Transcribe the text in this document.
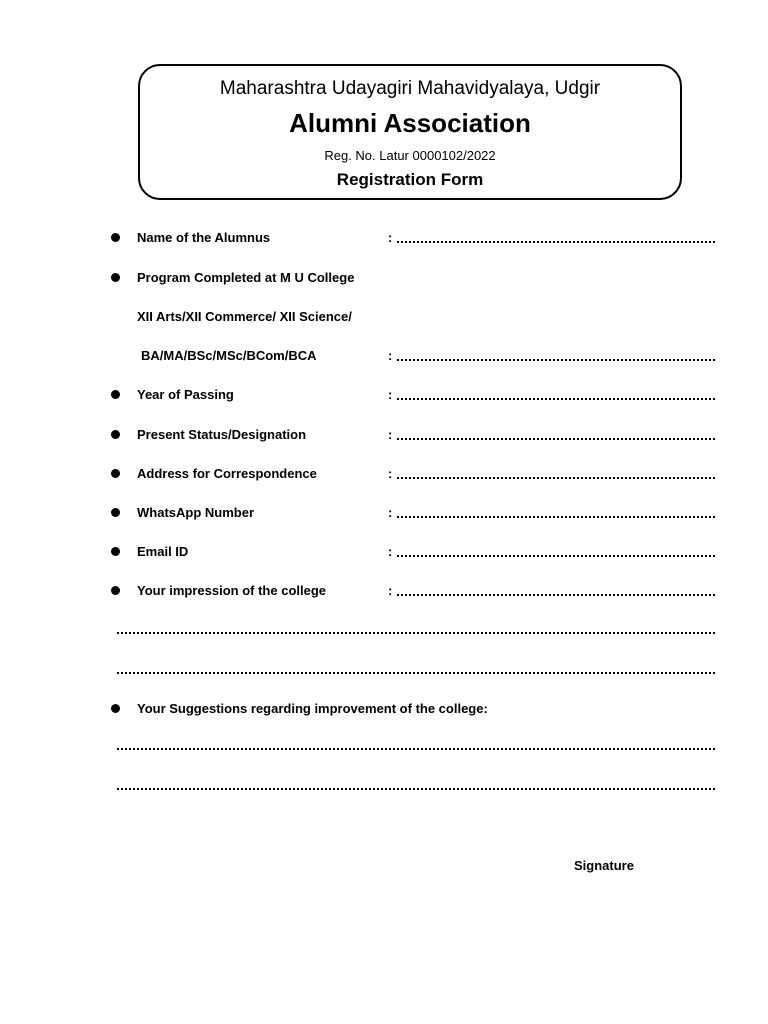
Maharashtra Udayagiri Mahavidyalaya, Udgir
Alumni Association
Reg. No. Latur 0000102/2022
Registration Form
Name of the Alumnus	:
Program Completed at M U College
XII Arts/XII Commerce/ XII Science/
BA/MA/BSc/MSc/BCom/BCA	:
Year of Passing	:
Present Status/Designation	:
Address for Correspondence	:
WhatsApp Number	:
Email ID	:
Your impression of the college	:
Your Suggestions regarding improvement of the college:
Signature
